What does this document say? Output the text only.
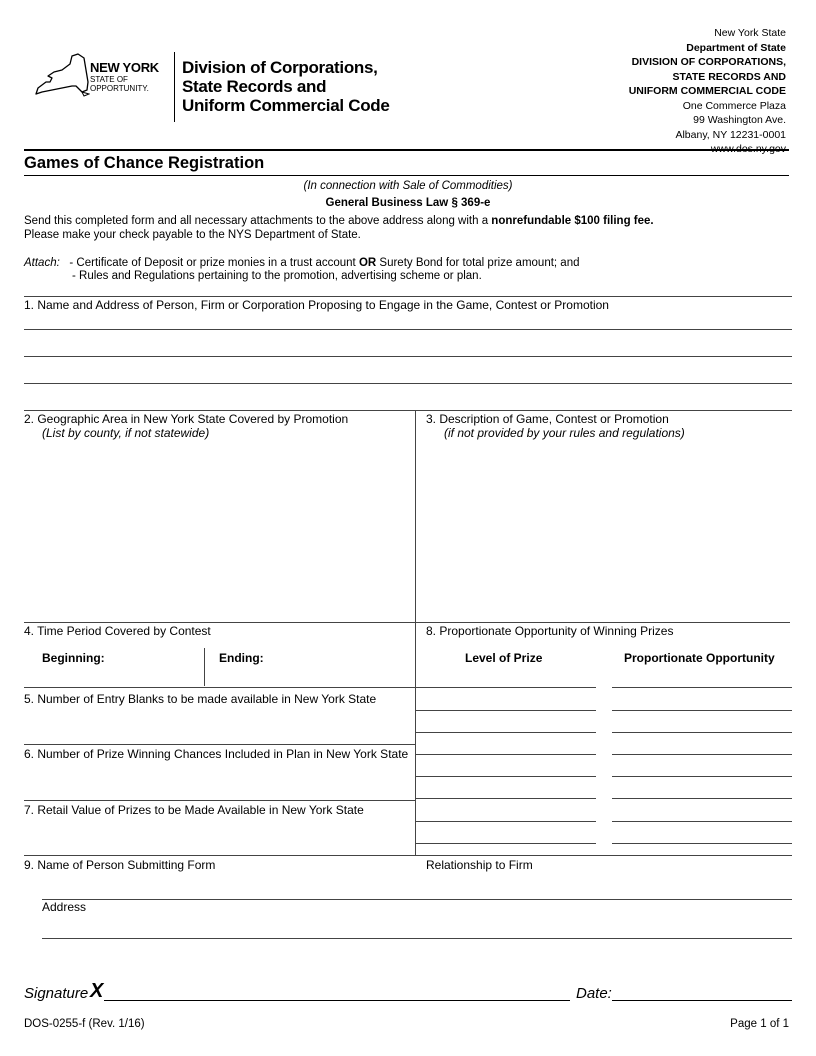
NEW YORK
STATE OF
OPPORTUNITY.
Division of Corporations,
State Records and
Uniform Commercial Code
New York State
Department of State
DIVISION OF CORPORATIONS,
STATE RECORDS AND
UNIFORM COMMERCIAL CODE
One Commerce Plaza
99 Washington Ave.
Albany, NY 12231-0001
www.dos.ny.gov
Games of Chance Registration
(In connection with Sale of Commodities)
General Business Law § 369-e
Send this completed form and all necessary attachments to the above address along with a nonrefundable $100 filing fee.
Please make your check payable to the NYS Department of State.
Attach: - Certificate of Deposit or prize monies in a trust account OR Surety Bond for total prize amount; and
- Rules and Regulations pertaining to the promotion, advertising scheme or plan.
1. Name and Address of Person, Firm or Corporation Proposing to Engage in the Game, Contest or Promotion
2. Geographic Area in New York State Covered by Promotion
(List by county, if not statewide)
3. Description of Game, Contest or Promotion
(if not provided by your rules and regulations)
4. Time Period Covered by Contest
Beginning:	Ending:
5. Number of Entry Blanks to be made available in New York State
6. Number of Prize Winning Chances Included in Plan in New York State
7. Retail Value of Prizes to be Made Available in New York State
8. Proportionate Opportunity of Winning Prizes
Level of Prize	Proportionate Opportunity
9. Name of Person Submitting Form	Relationship to Firm
Address
Signature X	Date:
DOS-0255-f (Rev. 1/16)	Page 1 of 1
